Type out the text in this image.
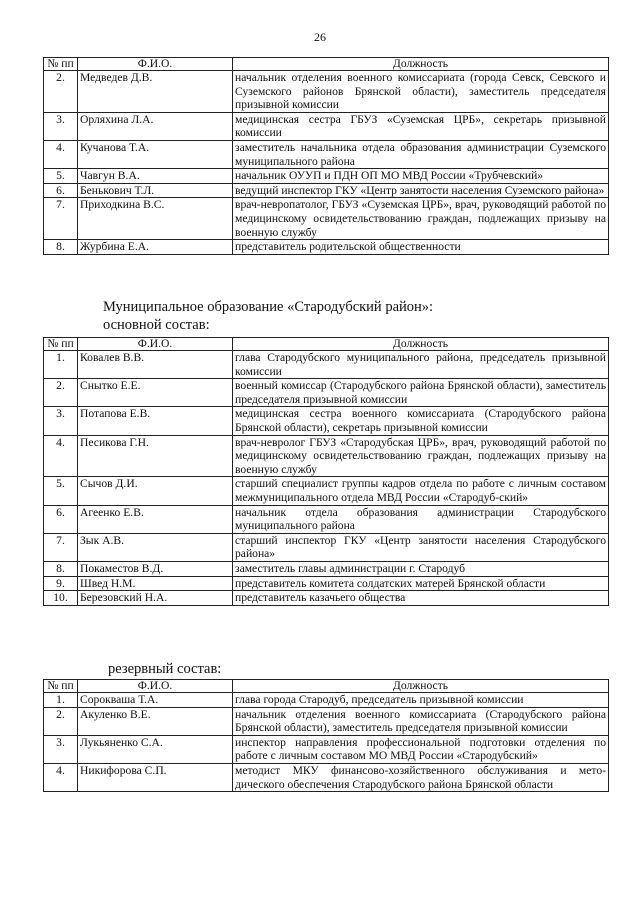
26
№ пп	Ф.И.О.	Должность
2.	Медведев Д.В.	начальник отделения военного комиссариата (города Севск, Севского и Суземского районов Брянской области), заместитель председателя призывной комиссии
3.	Орляхина Л.А.	медицинская сестра ГБУЗ «Суземская ЦРБ», секретарь призывной комиссии
4.	Кучанова Т.А.	заместитель начальника отдела образования администрации Суземского муниципального района
5.	Чавгун В.А.	начальник ОУУП и ПДН ОП МО МВД России «Трубчевский»
6.	Бенькович Т.Л.	ведущий инспектор ГКУ «Центр занятости населения Суземского района»
7.	Приходкина В.С.	врач-невропатолог, ГБУЗ «Суземская ЦРБ», врач, руководящий работой по медицинскому освидетельствованию граждан, подлежащих призыву на военную службу
8.	Журбина Е.А.	представитель родительской общественности
Муниципальное образование «Стародубский район»:
основной состав:
№ пп	Ф.И.О.	Должность
1.	Ковалев В.В.	глава Стародубского муниципального района, председатель призывной комиссии
2.	Снытко Е.Е.	военный комиссар (Стародубского района Брянской области), заместитель председателя призывной комиссии
3.	Потапова Е.В.	медицинская сестра военного комиссариата (Стародубского района Брянской области), секретарь призывной комиссии
4.	Песикова Г.Н.	врач-невролог ГБУЗ «Стародубская ЦРБ», врач, руководящий работой по медицинскому освидетельствованию граждан, подлежащих призыву на военную службу
5.	Сычов Д.И.	старший специалист группы кадров отдела по работе с личным составом межмуниципального отдела МВД России «Стародуб-ский»
6.	Агеенко Е.В.	начальник отдела образования администрации Стародубского муниципального района
7.	Зык А.В.	старший инспектор ГКУ «Центр занятости населения Стародубского района»
8.	Покаместов В.Д.	заместитель главы администрации г. Стародуб
9.	Швед Н.М.	представитель комитета солдатских матерей Брянской области
10.	Березовский Н.А.	представитель казачьего общества
резервный состав:
№ пп	Ф.И.О.	Должность
1.	Сорокваша Т.А.	глава города Стародуб, председатель призывной комиссии
2.	Акуленко В.Е.	начальник отделения военного комиссариата (Стародубского района Брянской области), заместитель председателя призывной комиссии
3.	Лукьяненко С.А.	инспектор направления профессиональной подготовки отделения по работе с личным составом МО МВД России «Стародубский»
4.	Никифорова С.П.	методист МКУ финансово-хозяйственного обслуживания и мето-дического обеспечения Стародубского района Брянской области
